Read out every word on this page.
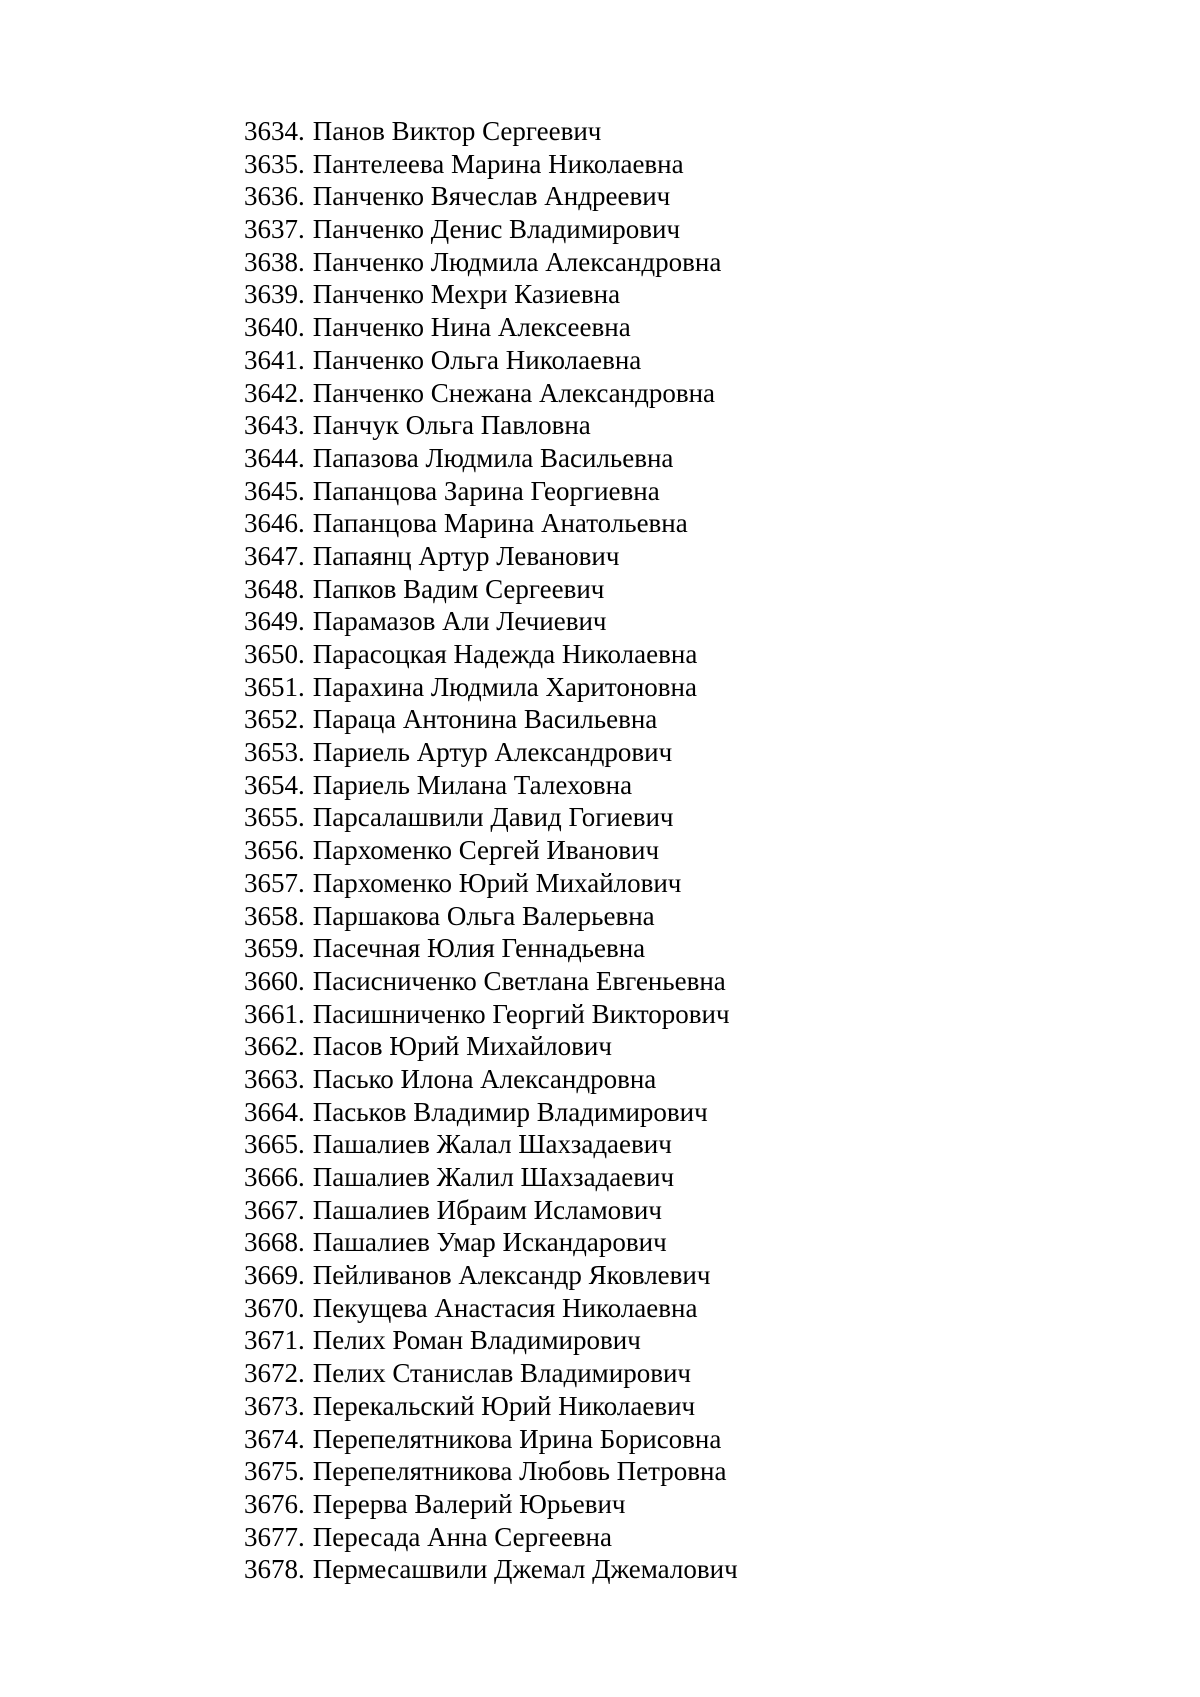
3634. Панов Виктор Сергеевич
3635. Пантелеева Марина Николаевна
3636. Панченко Вячеслав Андреевич
3637. Панченко Денис Владимирович
3638. Панченко Людмила Александровна
3639. Панченко Мехри Казиевна
3640. Панченко Нина Алексеевна
3641. Панченко Ольга Николаевна
3642. Панченко Снежана Александровна
3643. Панчук Ольга Павловна
3644. Папазова Людмила Васильевна
3645. Папанцова Зарина Георгиевна
3646. Папанцова Марина Анатольевна
3647. Папаянц Артур Леванович
3648. Папков Вадим Сергеевич
3649. Парамазов Али Лечиевич
3650. Парасоцкая Надежда Николаевна
3651. Парахина Людмила Харитоновна
3652. Параца Антонина Васильевна
3653. Париель Артур Александрович
3654. Париель Милана Талеховна
3655. Парсалашвили Давид Гогиевич
3656. Пархоменко Сергей Иванович
3657. Пархоменко Юрий Михайлович
3658. Паршакова Ольга Валерьевна
3659. Пасечная Юлия Геннадьевна
3660. Пасисниченко Светлана Евгеньевна
3661. Пасишниченко Георгий Викторович
3662. Пасов Юрий Михайлович
3663. Пасько Илона Александровна
3664. Паськов Владимир Владимирович
3665. Пашалиев Жалал Шахзадаевич
3666. Пашалиев Жалил Шахзадаевич
3667. Пашалиев Ибраим Исламович
3668. Пашалиев Умар Искандарович
3669. Пейливанов Александр Яковлевич
3670. Пекущева Анастасия Николаевна
3671. Пелих Роман Владимирович
3672. Пелих Станислав Владимирович
3673. Перекальский Юрий Николаевич
3674. Перепелятникова Ирина Борисовна
3675. Перепелятникова Любовь Петровна
3676. Перерва Валерий Юрьевич
3677. Пересада Анна Сергеевна
3678. Пермесашвили Джемал Джемалович
